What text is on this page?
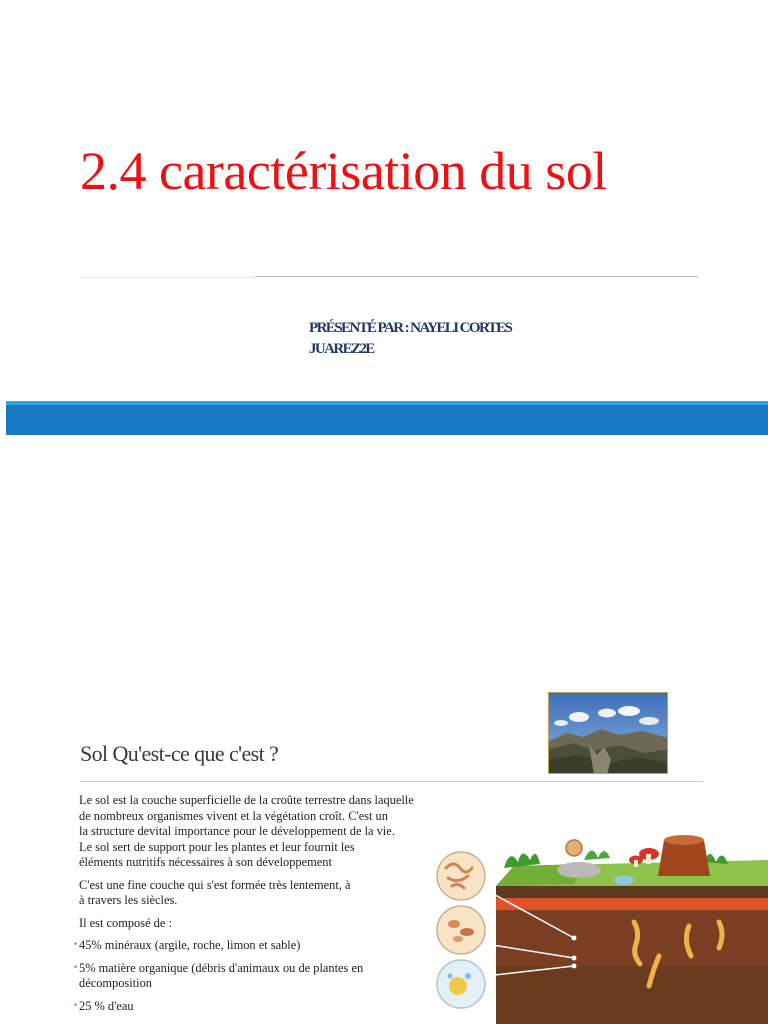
2.4 caractérisation du sol
PRÉSENTÉ PAR : NAYELI CORTES
JUAREZ2E
Sol Qu'est-ce que c'est ?

Le sol est la couche superficielle de la croûte terrestre dans laquelle
de nombreux organismes vivent et la végétation croît. C'est un
la structure devital importance pour le développement de la vie.
Le sol sert de support pour les plantes et leur fournit les
éléments nutritifs nécessaires à son développement

C'est une fine couche qui s'est formée très lentement, à
à travers les siècles.

Il est composé de :

• 45% minéraux (argile, roche, limon et sable)
• 5% matière organique (débris d'animaux ou de plantes en décomposition
• 25 % d'eau
